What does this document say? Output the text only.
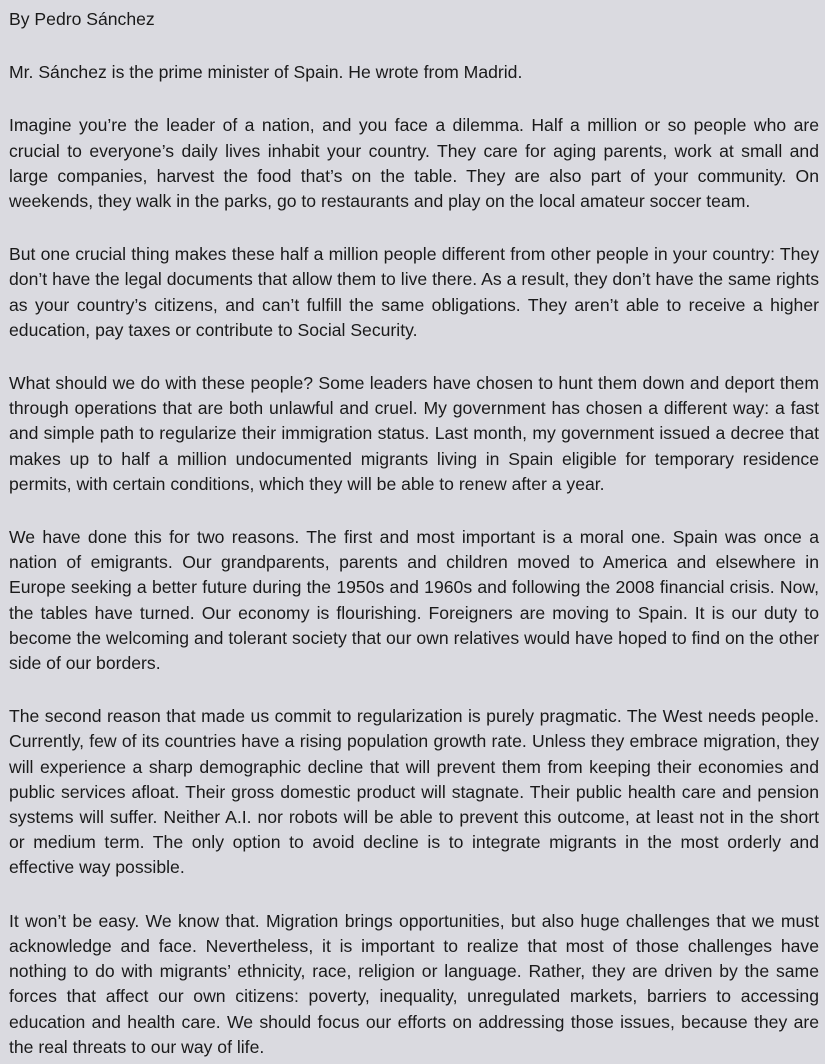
By Pedro Sánchez

Mr. Sánchez is the prime minister of Spain. He wrote from Madrid.

Imagine you’re the leader of a nation, and you face a dilemma. Half a million or so people who are crucial to everyone’s daily lives inhabit your country. They care for aging parents, work at small and large companies, harvest the food that’s on the table. They are also part of your community. On weekends, they walk in the parks, go to restaurants and play on the local amateur soccer team.

But one crucial thing makes these half a million people different from other people in your country: They don’t have the legal documents that allow them to live there. As a result, they don’t have the same rights as your country’s citizens, and can’t fulfill the same obligations. They aren’t able to receive a higher education, pay taxes or contribute to Social Security.

What should we do with these people? Some leaders have chosen to hunt them down and deport them through operations that are both unlawful and cruel. My government has chosen a different way: a fast and simple path to regularize their immigration status. Last month, my government issued a decree that makes up to half a million undocumented migrants living in Spain eligible for temporary residence permits, with certain conditions, which they will be able to renew after a year.

We have done this for two reasons. The first and most important is a moral one. Spain was once a nation of emigrants. Our grandparents, parents and children moved to America and elsewhere in Europe seeking a better future during the 1950s and 1960s and following the 2008 financial crisis. Now, the tables have turned. Our economy is flourishing. Foreigners are moving to Spain. It is our duty to become the welcoming and tolerant society that our own relatives would have hoped to find on the other side of our borders.

The second reason that made us commit to regularization is purely pragmatic. The West needs people. Currently, few of its countries have a rising population growth rate. Unless they embrace migration, they will experience a sharp demographic decline that will prevent them from keeping their economies and public services afloat. Their gross domestic product will stagnate. Their public health care and pension systems will suffer. Neither A.I. nor robots will be able to prevent this outcome, at least not in the short or medium term. The only option to avoid decline is to integrate migrants in the most orderly and effective way possible.

It won’t be easy. We know that. Migration brings opportunities, but also huge challenges that we must acknowledge and face. Nevertheless, it is important to realize that most of those challenges have nothing to do with migrants’ ethnicity, race, religion or language. Rather, they are driven by the same forces that affect our own citizens: poverty, inequality, unregulated markets, barriers to accessing education and health care. We should focus our efforts on addressing those issues, because they are the real threats to our way of life.
